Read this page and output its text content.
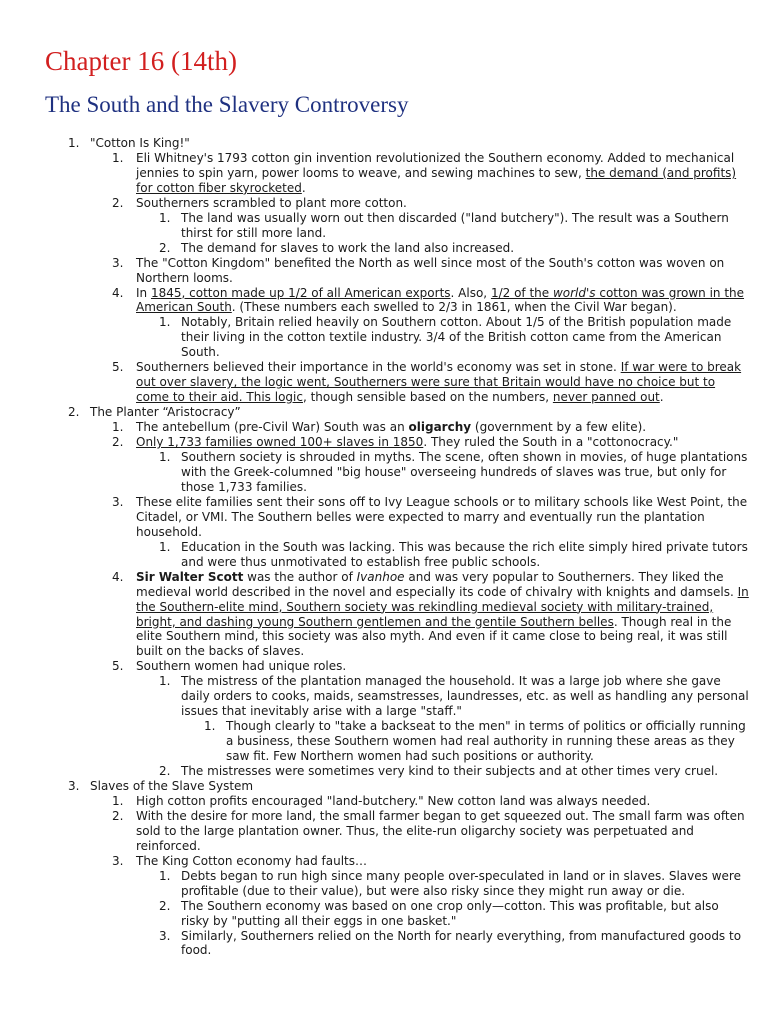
Chapter 16 (14th)
The South and the Slavery Controversy
1. "Cotton Is King!"
1.	Eli Whitney's 1793 cotton gin invention revolutionized the Southern economy. Added to mechanical jennies to spin yarn, power looms to weave, and sewing machines to sew, the demand (and profits) for cotton fiber skyrocketed.
2.	Southerners scrambled to plant more cotton.
1. The land was usually worn out then discarded ("land butchery"). The result was a Southern thirst for still more land.
2. The demand for slaves to work the land also increased.
3.	The "Cotton Kingdom" benefited the North as well since most of the South's cotton was woven on Northern looms.
4.	In 1845, cotton made up 1/2 of all American exports. Also, 1/2 of the world's cotton was grown in the American South. (These numbers each swelled to 2/3 in 1861, when the Civil War began).
1. Notably, Britain relied heavily on Southern cotton. About 1/5 of the British population made their living in the cotton textile industry. 3/4 of the British cotton came from the American South.
5.	Southerners believed their importance in the world's economy was set in stone. If war were to break out over slavery, the logic went, Southerners were sure that Britain would have no choice but to come to their aid. This logic, though sensible based on the numbers, never panned out.
2. The Planter “Aristocracy”
1.	The antebellum (pre-Civil War) South was an oligarchy (government by a few elite).
2.	Only 1,733 families owned 100+ slaves in 1850. They ruled the South in a "cottonocracy."
1. Southern society is shrouded in myths. The scene, often shown in movies, of huge plantations with the Greek-columned "big house" overseeing hundreds of slaves was true, but only for those 1,733 families.
3.	These elite families sent their sons off to Ivy League schools or to military schools like West Point, the Citadel, or VMI. The Southern belles were expected to marry and eventually run the plantation household.
1. Education in the South was lacking. This was because the rich elite simply hired private tutors and were thus unmotivated to establish free public schools.
4.	Sir Walter Scott was the author of Ivanhoe and was very popular to Southerners. They liked the medieval world described in the novel and especially its code of chivalry with knights and damsels. In the Southern-elite mind, Southern society was rekindling medieval society with military-trained, bright, and dashing young Southern gentlemen and the gentile Southern belles. Though real in the elite Southern mind, this society was also myth. And even if it came close to being real, it was still built on the backs of slaves.
5.	Southern women had unique roles.
1. The mistress of the plantation managed the household. It was a large job where she gave daily orders to cooks, maids, seamstresses, laundresses, etc. as well as handling any personal issues that inevitably arise with a large "staff."
1. Though clearly to "take a backseat to the men" in terms of politics or officially running a business, these Southern women had real authority in running these areas as they saw fit. Few Northern women had such positions or authority.
2. The mistresses were sometimes very kind to their subjects and at other times very cruel.
3. Slaves of the Slave System
1.	High cotton profits encouraged "land-butchery." New cotton land was always needed.
2.	With the desire for more land, the small farmer began to get squeezed out. The small farm was often sold to the large plantation owner. Thus, the elite-run oligarchy society was perpetuated and reinforced.
3.	The King Cotton economy had faults…
1. Debts began to run high since many people over-speculated in land or in slaves. Slaves were profitable (due to their value), but were also risky since they might run away or die.
2. The Southern economy was based on one crop only—cotton. This was profitable, but also risky by "putting all their eggs in one basket."
3. Similarly, Southerners relied on the North for nearly everything, from manufactured goods to food.
